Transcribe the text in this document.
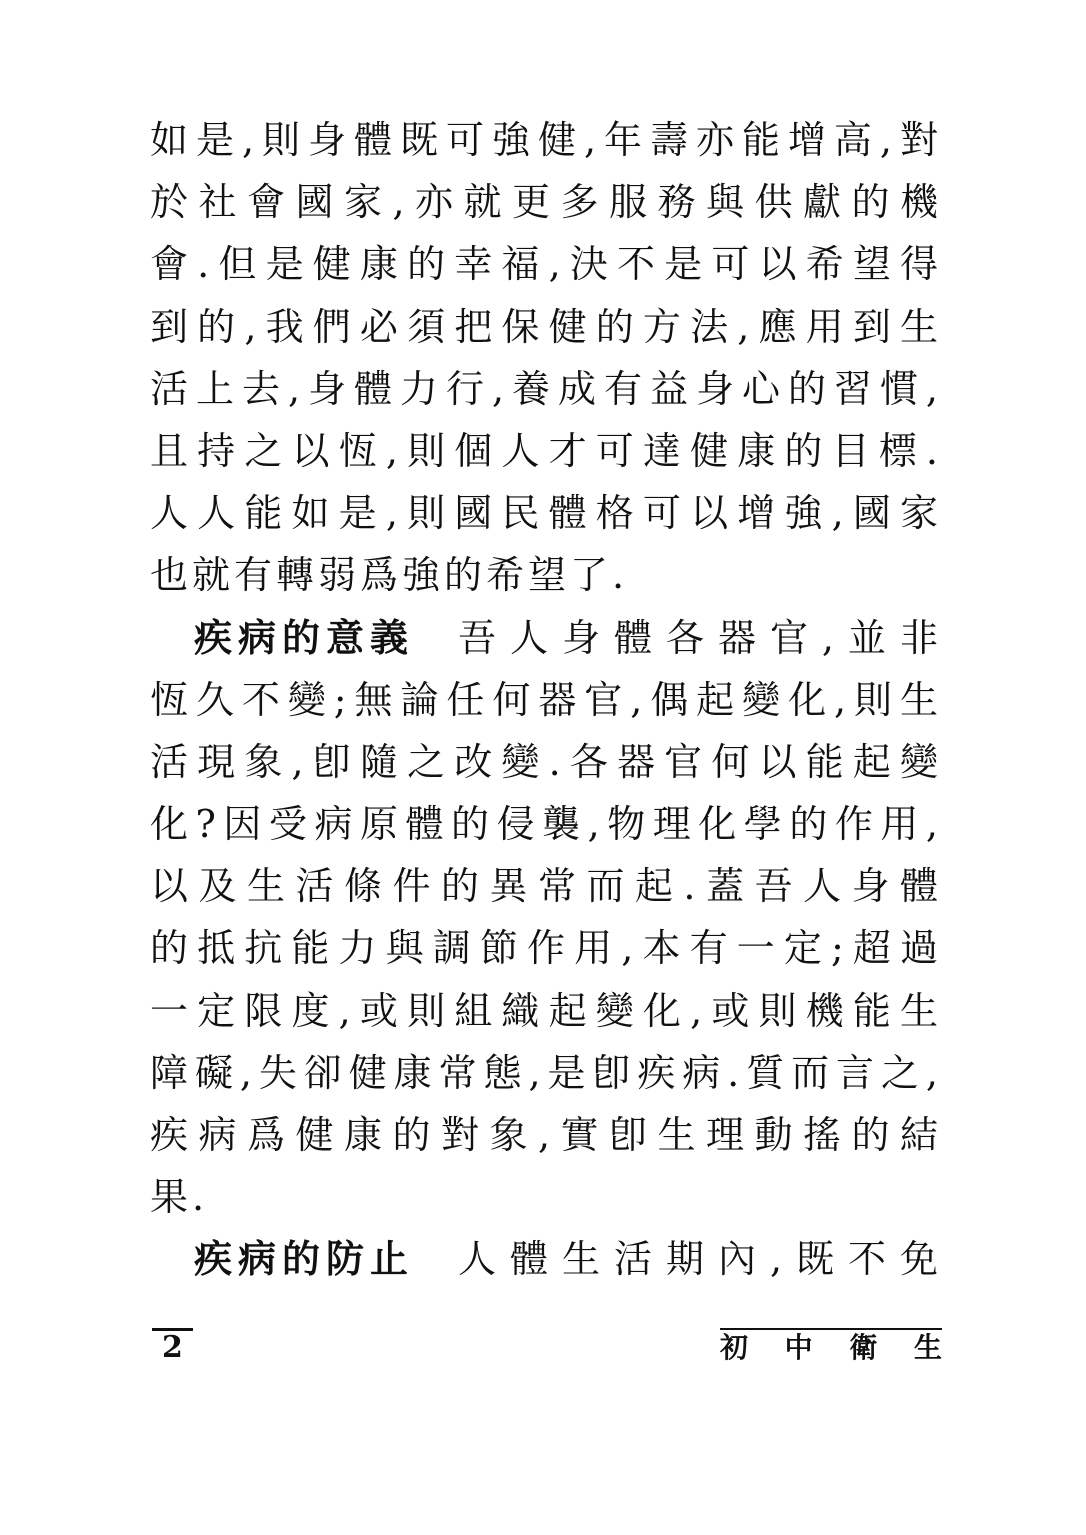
如是,則身體既可強健,年壽亦能增高,對
於社會國家,亦就更多服務與供獻的機
會.但是健康的幸福,決不是可以希望得
到的,我們必須把保健的方法,應用到生
活上去,身體力行,養成有益身心的習慣,
且持之以恆,則個人才可達健康的目標.
人人能如是,則國民體格可以增強,國家
也就有轉弱爲強的希望了.
疾病的意義 吾人身體各器官,並非
恆久不變;無論任何器官,偶起變化,則生
活現象,卽隨之改變.各器官何以能起變
化?因受病原體的侵襲,物理化學的作用,
以及生活條件的異常而起.蓋吾人身體
的抵抗能力與調節作用,本有一定;超過
一定限度,或則組織起變化,或則機能生
障礙,失卻健康常態,是卽疾病.質而言之,
疾病爲健康的對象,實卽生理動搖的結
果.
疾病的防止 人體生活期內,既不免
2	初 中 衛 生
